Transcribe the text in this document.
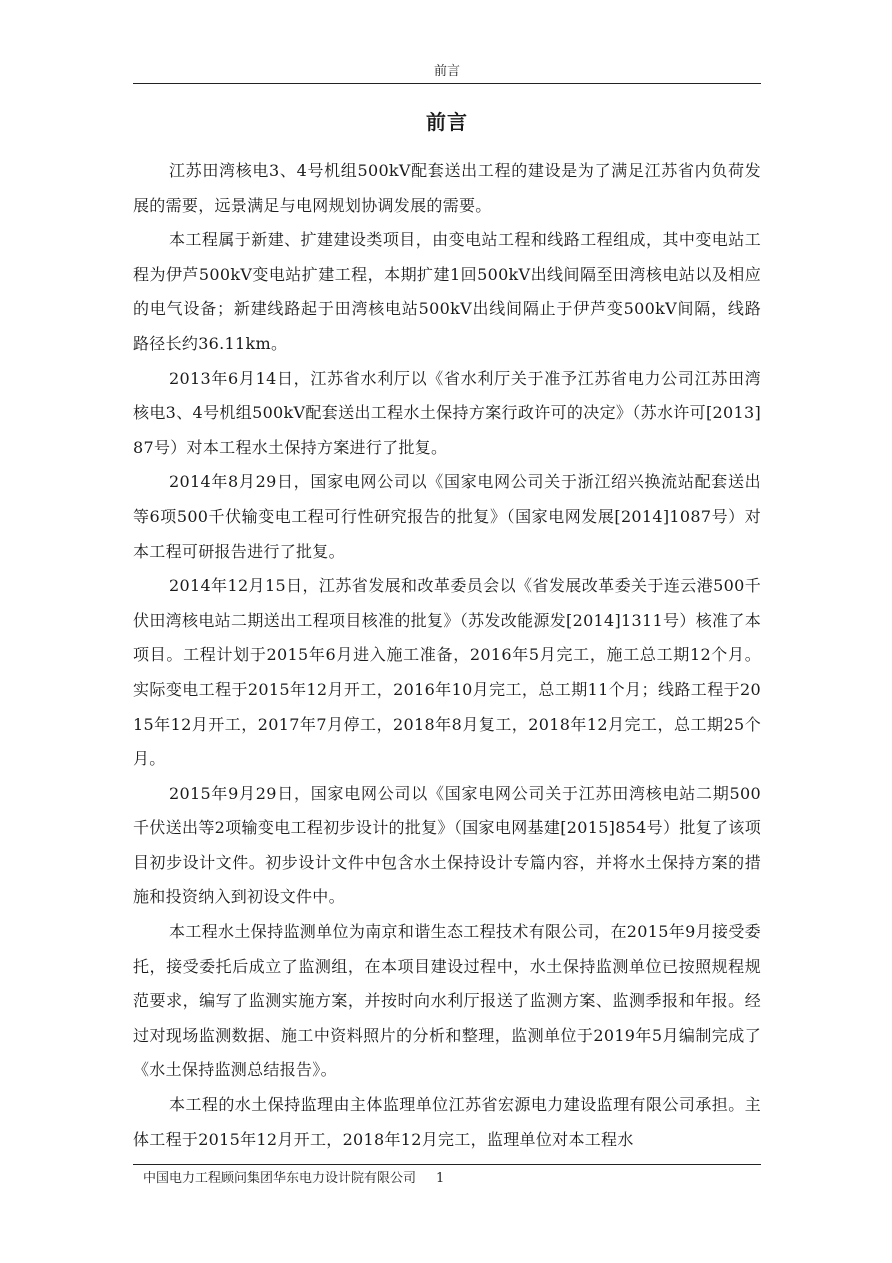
前言
前言

江苏田湾核电3、4号机组500kV配套送出工程的建设是为了满足江苏省内负荷发展的需要，远景满足与电网规划协调发展的需要。

本工程属于新建、扩建建设类项目，由变电站工程和线路工程组成，其中变电站工程为伊芦500kV变电站扩建工程，本期扩建1回500kV出线间隔至田湾核电站以及相应的电气设备；新建线路起于田湾核电站500kV出线间隔止于伊芦变500kV间隔，线路路径长约36.11km。

2013年6月14日，江苏省水利厅以《省水利厅关于准予江苏省电力公司江苏田湾核电3、4号机组500kV配套送出工程水土保持方案行政许可的决定》（苏水许可[2013]87号）对本工程水土保持方案进行了批复。

2014年8月29日，国家电网公司以《国家电网公司关于浙江绍兴换流站配套送出等6项500千伏输变电工程可行性研究报告的批复》（国家电网发展[2014]1087号）对本工程可研报告进行了批复。

2014年12月15日，江苏省发展和改革委员会以《省发展改革委关于连云港500千伏田湾核电站二期送出工程项目核准的批复》（苏发改能源发[2014]1311号）核准了本项目。工程计划于2015年6月进入施工准备，2016年5月完工，施工总工期12个月。实际变电工程于2015年12月开工，2016年10月完工，总工期11个月；线路工程于2015年12月开工，2017年7月停工，2018年8月复工，2018年12月完工，总工期25个月。

2015年9月29日，国家电网公司以《国家电网公司关于江苏田湾核电站二期500千伏送出等2项输变电工程初步设计的批复》（国家电网基建[2015]854号）批复了该项目初步设计文件。初步设计文件中包含水土保持设计专篇内容，并将水土保持方案的措施和投资纳入到初设文件中。

本工程水土保持监测单位为南京和谐生态工程技术有限公司，在2015年9月接受委托，接受委托后成立了监测组，在本项目建设过程中，水土保持监测单位已按照规程规范要求，编写了监测实施方案，并按时向水利厅报送了监测方案、监测季报和年报。经过对现场监测数据、施工中资料照片的分析和整理，监测单位于2019年5月编制完成了《水土保持监测总结报告》。

本工程的水土保持监理由主体监理单位江苏省宏源电力建设监理有限公司承担。主体工程于2015年12月开工，2018年12月完工，监理单位对本工程水

中国电力工程顾问集团华东电力设计院有限公司 1
